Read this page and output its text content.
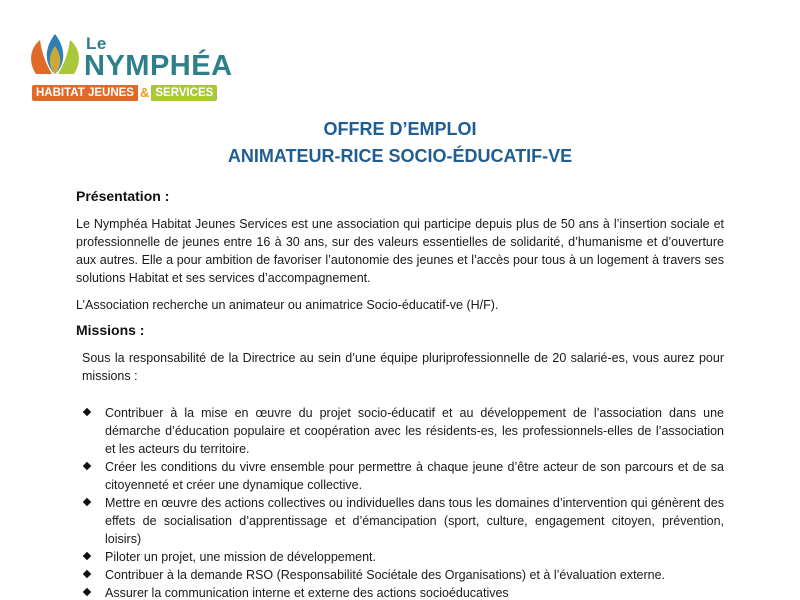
Le
NYMPHÉA
HABITAT JEUNES & SERVICES
OFFRE D’EMPLOI
ANIMATEUR-RICE SOCIO-ÉDUCATIF-VE
Présentation :
Le Nymphéa Habitat Jeunes Services est une association qui participe depuis plus de 50 ans à l’insertion sociale et professionnelle de jeunes entre 16 à 30 ans, sur des valeurs essentielles de solidarité, d’humanisme et d’ouverture aux autres. Elle a pour ambition de favoriser l’autonomie des jeunes et l’accès pour tous à un logement à travers ses solutions Habitat et ses services d’accompagnement.
L’Association recherche un animateur ou animatrice Socio-éducatif-ve (H/F).
Missions :
Sous la responsabilité de la Directrice au sein d’une équipe pluriprofessionnelle de 20 salarié-es, vous aurez pour missions :
Contribuer à la mise en œuvre du projet socio-éducatif et au développement de l’association dans une démarche d’éducation populaire et coopération avec les résidents-es, les professionnels-elles de l’association et les acteurs du territoire.
Créer les conditions du vivre ensemble pour permettre à chaque jeune d’être acteur de son parcours et de sa citoyenneté et créer une dynamique collective.
Mettre en œuvre des actions collectives ou individuelles dans tous les domaines d’intervention qui génèrent des effets de socialisation d’apprentissage et d’émancipation (sport, culture, engagement citoyen, prévention, loisirs)
Piloter un projet, une mission de développement.
Contribuer à la demande RSO (Responsabilité Sociétale des Organisations) et à l’évaluation externe.
Assurer la communication interne et externe des actions socioéducatives
